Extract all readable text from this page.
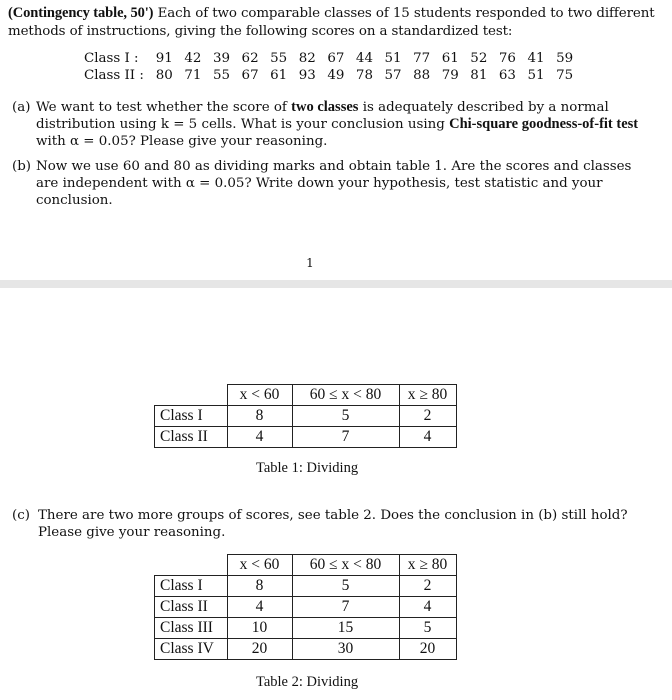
(Contingency table, 50') Each of two comparable classes of 15 students responded to two different methods of instructions, giving the following scores on a standardized test:
Class I : 91 42 39 62 55 82 67 44 51 77 61 52 76 41 59
Class II : 80 71 55 67 61 93 49 78 57 88 79 81 63 51 75
(a) We want to test whether the score of two classes is adequately described by a normal distribution using k = 5 cells. What is your conclusion using Chi-square goodness-of-fit test with α = 0.05? Please give your reasoning.
(b) Now we use 60 and 80 as dividing marks and obtain table 1. Are the scores and classes are independent with α = 0.05? Write down your hypothesis, test statistic and your conclusion.
1
	x < 60	60 ≤ x < 80	x ≥ 80
Class I	8	5	2
Class II	4	7	4
Table 1: Dividing
(c) There are two more groups of scores, see table 2. Does the conclusion in (b) still hold? Please give your reasoning.
	x < 60	60 ≤ x < 80	x ≥ 80
Class I	8	5	2
Class II	4	7	4
Class III	10	15	5
Class IV	20	30	20
Table 2: Dividing
